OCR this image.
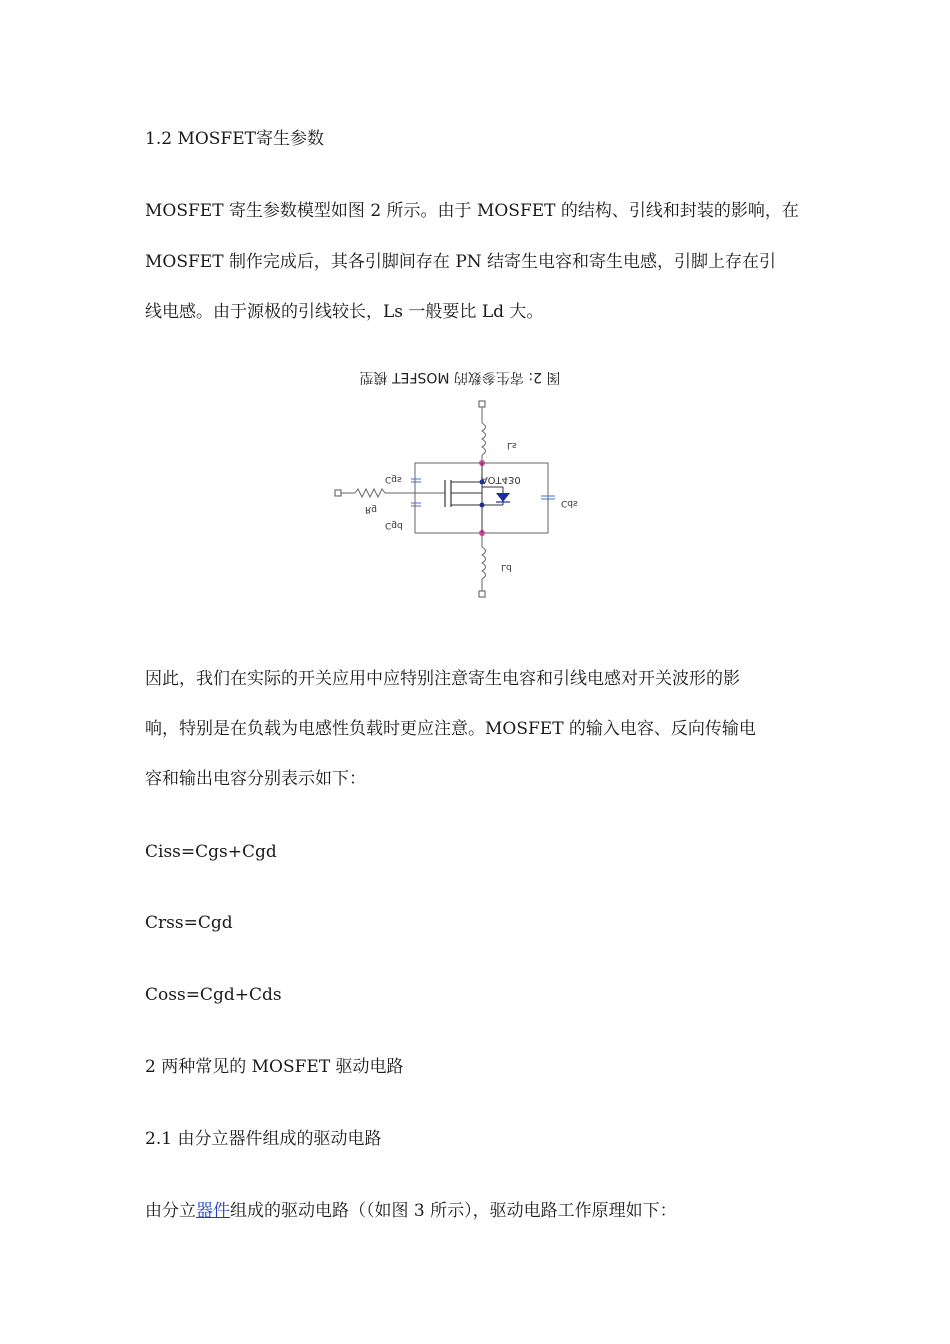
1.2 MOSFET寄生参数
MOSFET 寄生参数模型如图 2 所示。由于 MOSFET 的结构、引线和封装的影响，在
MOSFET 制作完成后，其各引脚间存在 PN 结寄生电容和寄生电感，引脚上存在引
线电感。由于源极的引线较长，Ls 一般要比 Ld 大。
图 2: 寄生参数的 MOSFET 模型
Ls
Rg
Cgs
Cgd
AOT430
Cds
Ld
因此，我们在实际的开关应用中应特别注意寄生电容和引线电感对开关波形的影
响，特别是在负载为电感性负载时更应注意。MOSFET 的输入电容、反向传输电
容和输出电容分别表示如下：
Ciss=Cgs+Cgd
Crss=Cgd
Coss=Cgd+Cds
2 两种常见的 MOSFET 驱动电路
2.1 由分立器件组成的驱动电路
由分立器件组成的驱动电路（（如图 3 所示），驱动电路工作原理如下：
